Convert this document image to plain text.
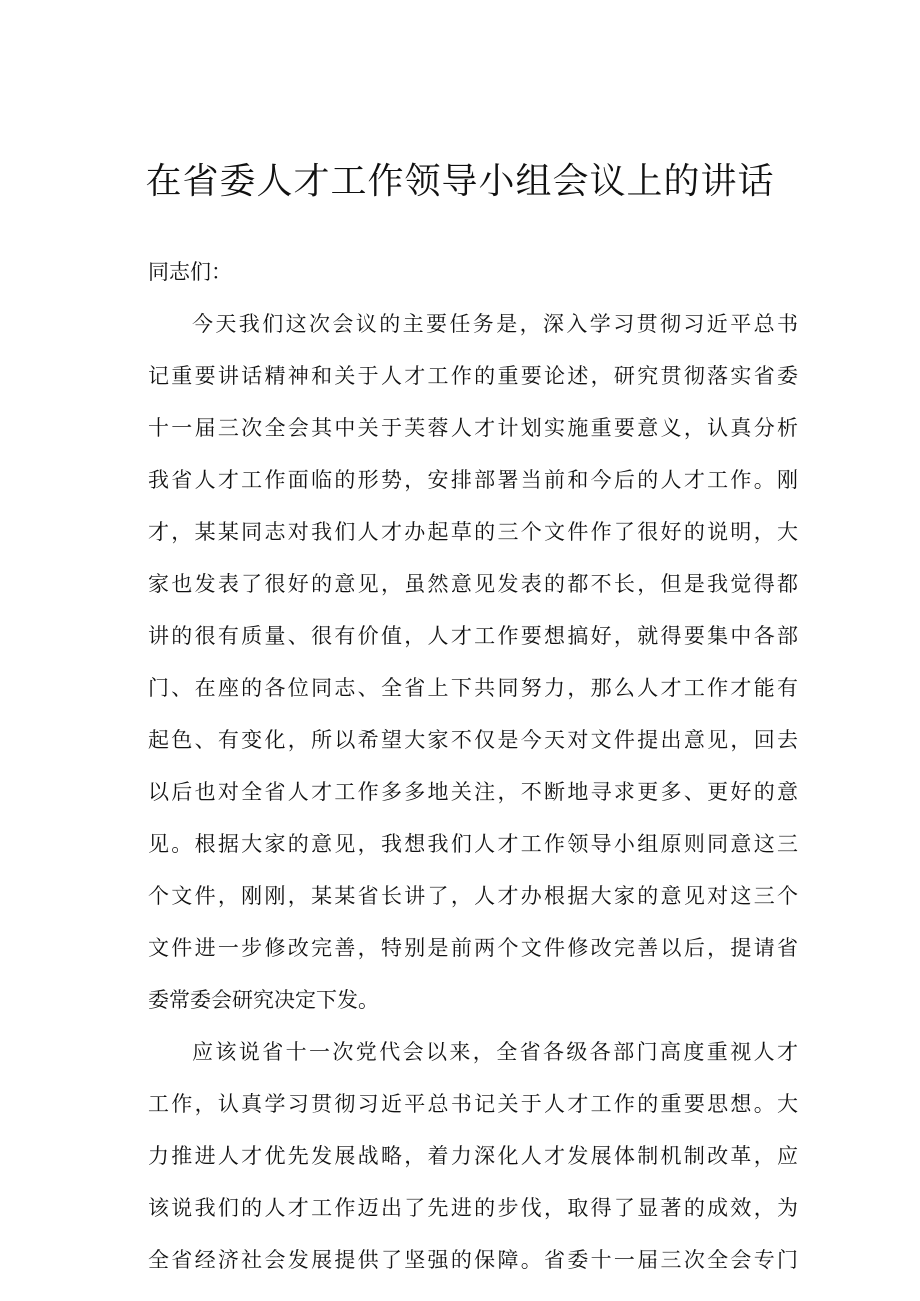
在省委人才工作领导小组会议上的讲话

同志们：

今天我们这次会议的主要任务是，深入学习贯彻习近平总书
记重要讲话精神和关于人才工作的重要论述，研究贯彻落实省委
十一届三次全会其中关于芙蓉人才计划实施重要意义，认真分析
我省人才工作面临的形势，安排部署当前和今后的人才工作。刚
才，某某同志对我们人才办起草的三个文件作了很好的说明，大
家也发表了很好的意见，虽然意见发表的都不长，但是我觉得都
讲的很有质量、很有价值，人才工作要想搞好，就得要集中各部
门、在座的各位同志、全省上下共同努力，那么人才工作才能有
起色、有变化，所以希望大家不仅是今天对文件提出意见，回去
以后也对全省人才工作多多地关注，不断地寻求更多、更好的意
见。根据大家的意见，我想我们人才工作领导小组原则同意这三
个文件，刚刚，某某省长讲了，人才办根据大家的意见对这三个
文件进一步修改完善，特别是前两个文件修改完善以后，提请省
委常委会研究决定下发。

应该说省十一次党代会以来，全省各级各部门高度重视人才
工作，认真学习贯彻习近平总书记关于人才工作的重要思想。大
力推进人才优先发展战略，着力深化人才发展体制机制改革，应
该说我们的人才工作迈出了先进的步伐，取得了显著的成效，为
全省经济社会发展提供了坚强的保障。省委十一届三次全会专门
